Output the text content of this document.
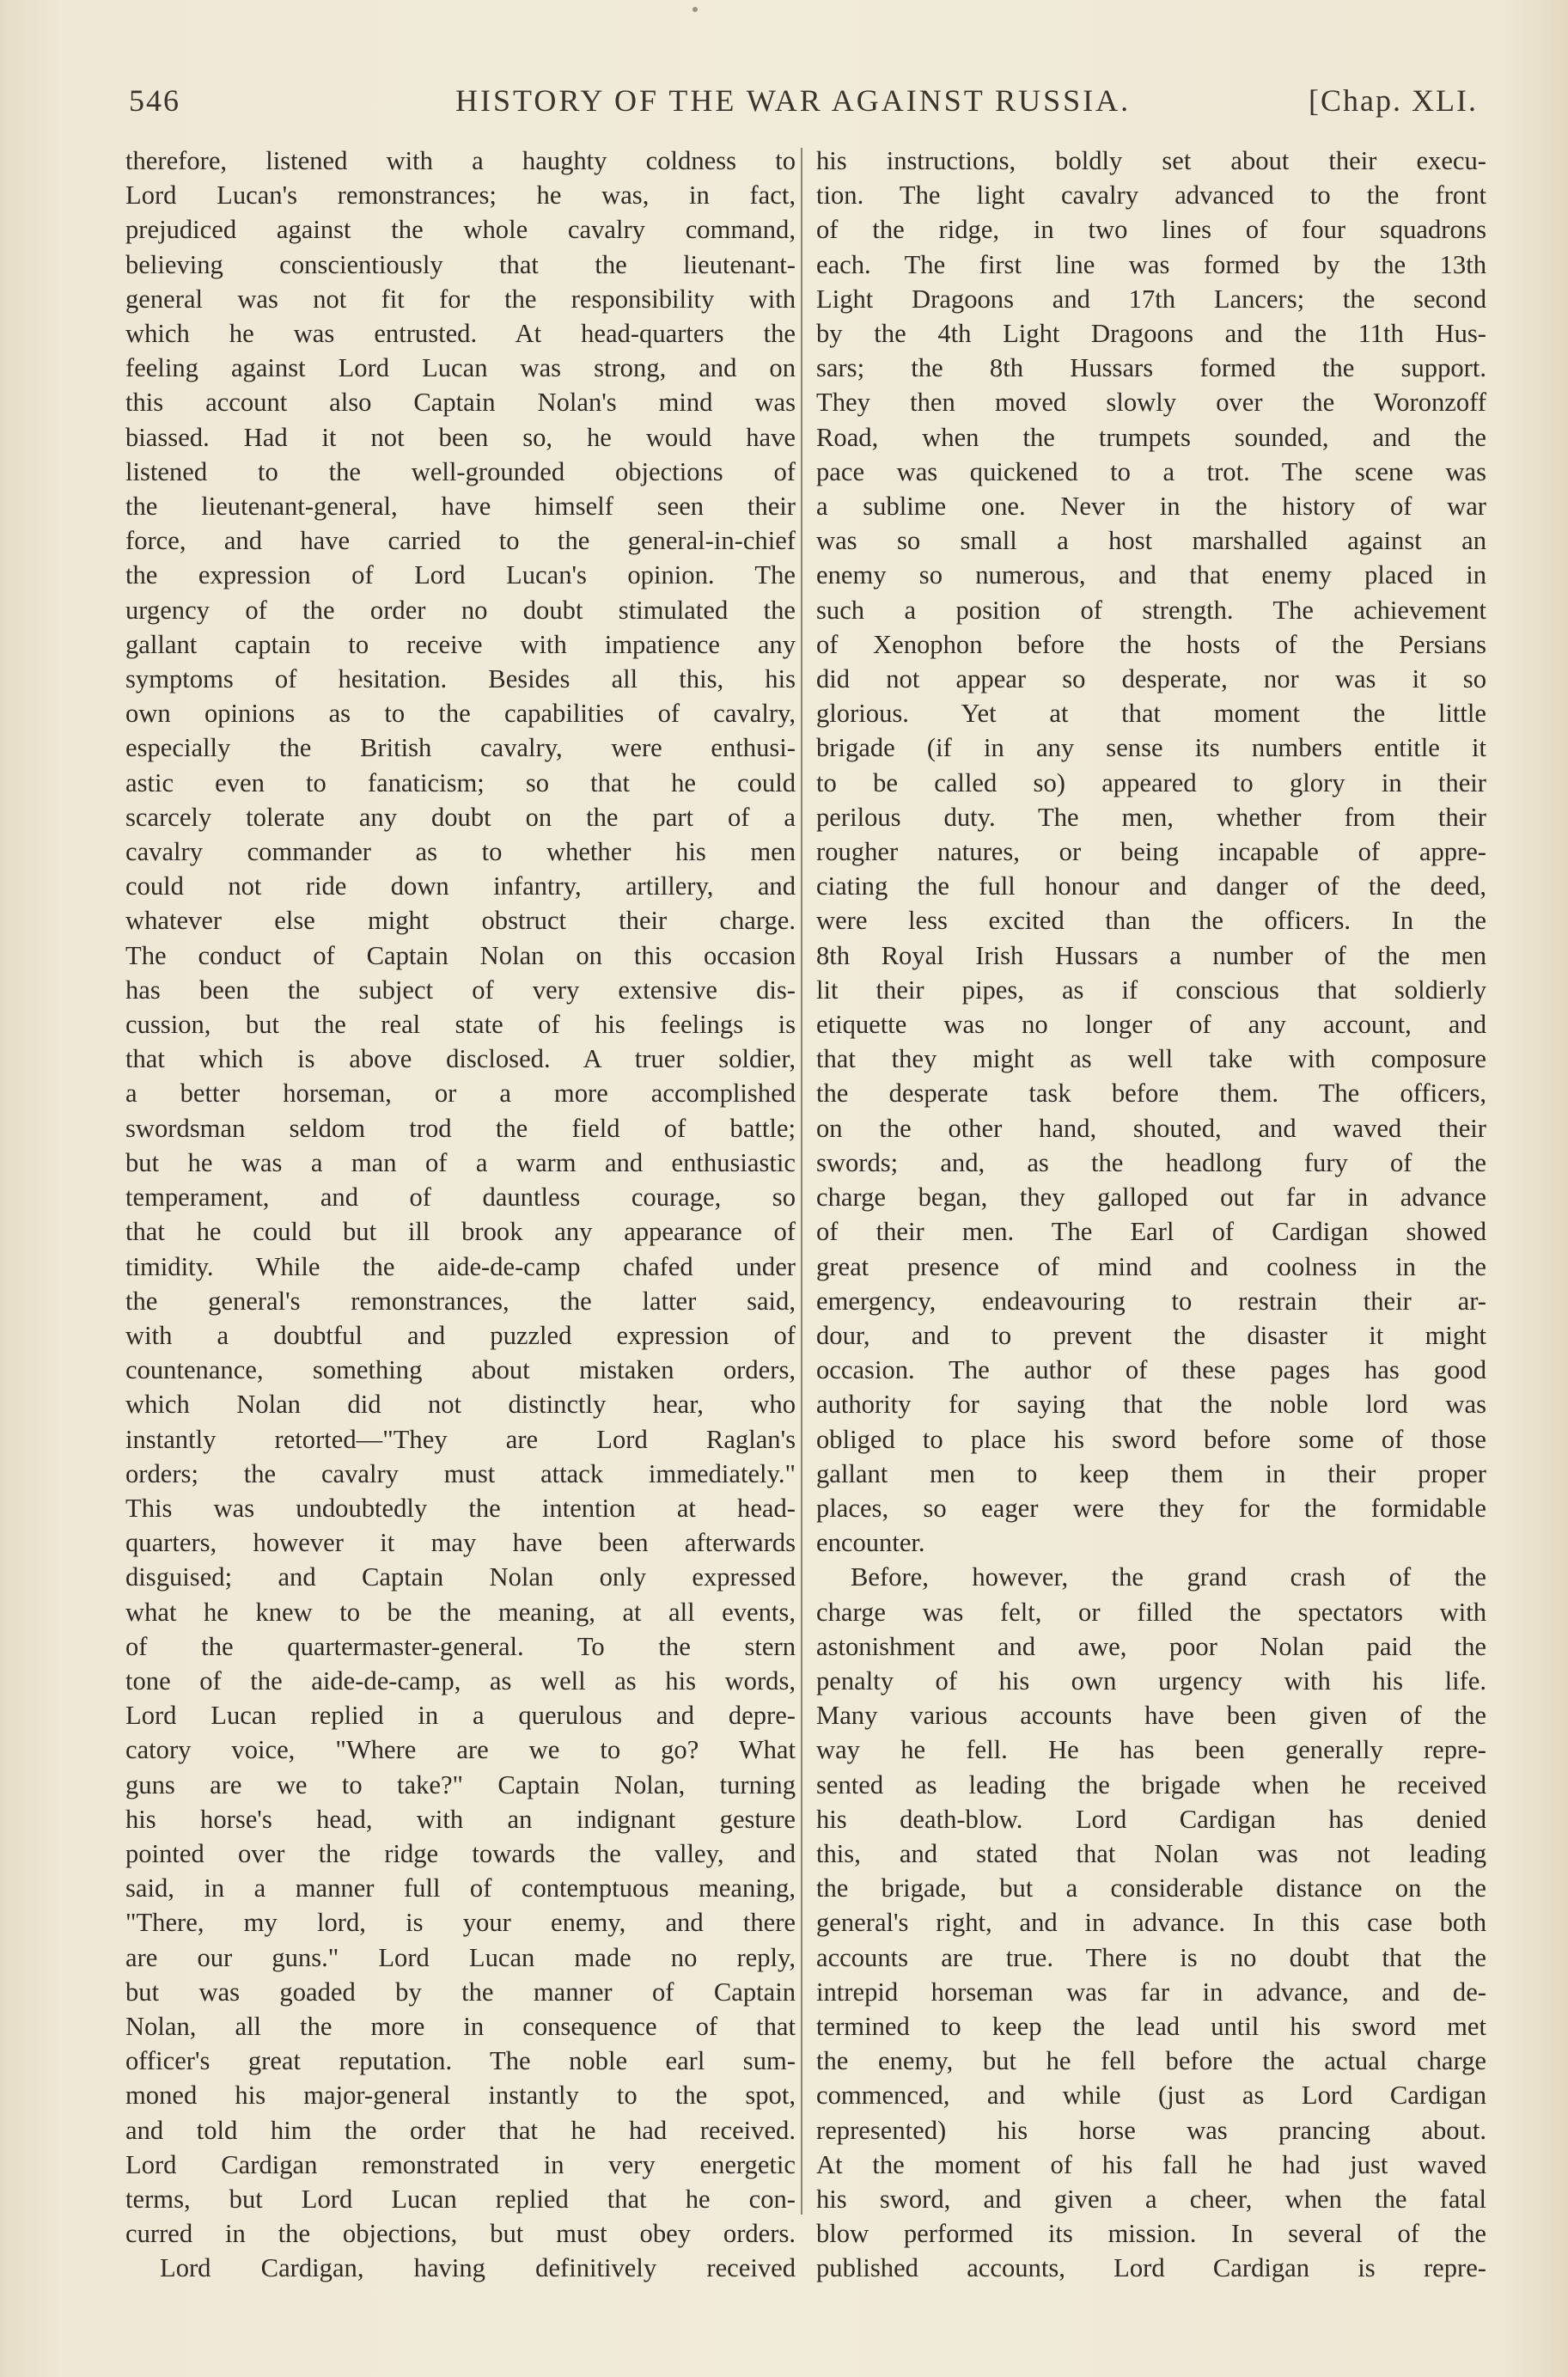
546	HISTORY OF THE WAR AGAINST RUSSIA.	[Chap. XLI.
therefore, listened with a haughty coldness to
Lord Lucan's remonstrances; he was, in fact,
prejudiced against the whole cavalry command,
believing conscientiously that the lieutenant-
general was not fit for the responsibility with
which he was entrusted. At head-quarters the
feeling against Lord Lucan was strong, and on
this account also Captain Nolan's mind was
biassed. Had it not been so, he would have
listened to the well-grounded objections of
the lieutenant-general, have himself seen their
force, and have carried to the general-in-chief
the expression of Lord Lucan's opinion. The
urgency of the order no doubt stimulated the
gallant captain to receive with impatience any
symptoms of hesitation. Besides all this, his
own opinions as to the capabilities of cavalry,
especially the British cavalry, were enthusi-
astic even to fanaticism; so that he could
scarcely tolerate any doubt on the part of a
cavalry commander as to whether his men
could not ride down infantry, artillery, and
whatever else might obstruct their charge.
The conduct of Captain Nolan on this occasion
has been the subject of very extensive dis-
cussion, but the real state of his feelings is
that which is above disclosed. A truer soldier,
a better horseman, or a more accomplished
swordsman seldom trod the field of battle;
but he was a man of a warm and enthusiastic
temperament, and of dauntless courage, so
that he could but ill brook any appearance of
timidity. While the aide-de-camp chafed under
the general's remonstrances, the latter said,
with a doubtful and puzzled expression of
countenance, something about mistaken orders,
which Nolan did not distinctly hear, who
instantly retorted—"They are Lord Raglan's
orders; the cavalry must attack immediately."
This was undoubtedly the intention at head-
quarters, however it may have been afterwards
disguised; and Captain Nolan only expressed
what he knew to be the meaning, at all events,
of the quartermaster-general. To the stern
tone of the aide-de-camp, as well as his words,
Lord Lucan replied in a querulous and depre-
catory voice, "Where are we to go? What
guns are we to take?" Captain Nolan, turning
his horse's head, with an indignant gesture
pointed over the ridge towards the valley, and
said, in a manner full of contemptuous meaning,
"There, my lord, is your enemy, and there
are our guns." Lord Lucan made no reply,
but was goaded by the manner of Captain
Nolan, all the more in consequence of that
officer's great reputation. The noble earl sum-
moned his major-general instantly to the spot,
and told him the order that he had received.
Lord Cardigan remonstrated in very energetic
terms, but Lord Lucan replied that he con-
curred in the objections, but must obey orders.
Lord Cardigan, having definitively received
his instructions, boldly set about their execu-
tion. The light cavalry advanced to the front
of the ridge, in two lines of four squadrons
each. The first line was formed by the 13th
Light Dragoons and 17th Lancers; the second
by the 4th Light Dragoons and the 11th Hus-
sars; the 8th Hussars formed the support.
They then moved slowly over the Woronzoff
Road, when the trumpets sounded, and the
pace was quickened to a trot. The scene was
a sublime one. Never in the history of war
was so small a host marshalled against an
enemy so numerous, and that enemy placed in
such a position of strength. The achievement
of Xenophon before the hosts of the Persians
did not appear so desperate, nor was it so
glorious. Yet at that moment the little
brigade (if in any sense its numbers entitle it
to be called so) appeared to glory in their
perilous duty. The men, whether from their
rougher natures, or being incapable of appre-
ciating the full honour and danger of the deed,
were less excited than the officers. In the
8th Royal Irish Hussars a number of the men
lit their pipes, as if conscious that soldierly
etiquette was no longer of any account, and
that they might as well take with composure
the desperate task before them. The officers,
on the other hand, shouted, and waved their
swords; and, as the headlong fury of the
charge began, they galloped out far in advance
of their men. The Earl of Cardigan showed
great presence of mind and coolness in the
emergency, endeavouring to restrain their ar-
dour, and to prevent the disaster it might
occasion. The author of these pages has good
authority for saying that the noble lord was
obliged to place his sword before some of those
gallant men to keep them in their proper
places, so eager were they for the formidable
encounter.
Before, however, the grand crash of the
charge was felt, or filled the spectators with
astonishment and awe, poor Nolan paid the
penalty of his own urgency with his life.
Many various accounts have been given of the
way he fell. He has been generally repre-
sented as leading the brigade when he received
his death-blow. Lord Cardigan has denied
this, and stated that Nolan was not leading
the brigade, but a considerable distance on the
general's right, and in advance. In this case both
accounts are true. There is no doubt that the
intrepid horseman was far in advance, and de-
termined to keep the lead until his sword met
the enemy, but he fell before the actual charge
commenced, and while (just as Lord Cardigan
represented) his horse was prancing about.
At the moment of his fall he had just waved
his sword, and given a cheer, when the fatal
blow performed its mission. In several of the
published accounts, Lord Cardigan is repre-
